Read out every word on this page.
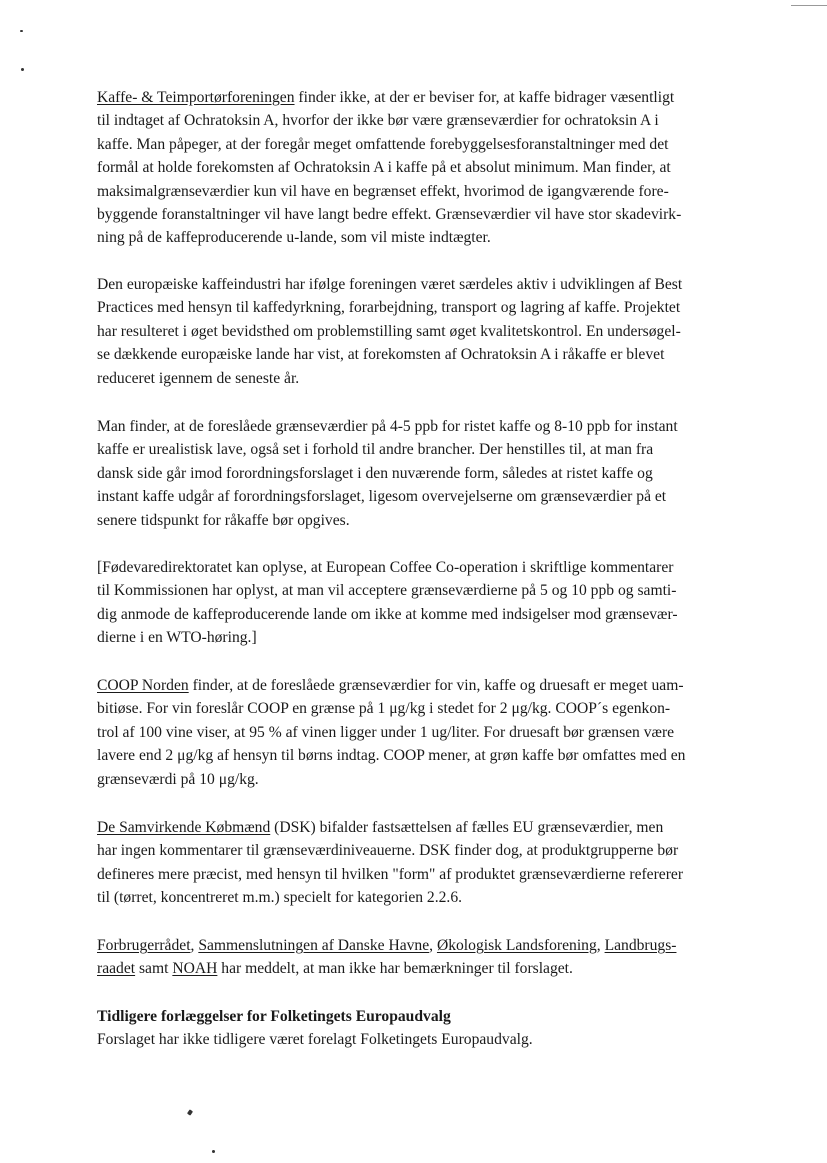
Kaffe- & Teimportørforeningen finder ikke, at der er beviser for, at kaffe bidrager væsentligt
til indtaget af Ochratoksin A, hvorfor der ikke bør være grænseværdier for ochratoksin A i
kaffe. Man påpeger, at der foregår meget omfattende forebyggelsesforanstaltninger med det
formål at holde forekomsten af Ochratoksin A i kaffe på et absolut minimum. Man finder, at
maksimalgrænseværdier kun vil have en begrænset effekt, hvorimod de igangværende fore-
byggende foranstaltninger vil have langt bedre effekt. Grænseværdier vil have stor skadevirk-
ning på de kaffeproducerende u-lande, som vil miste indtægter.
Den europæiske kaffeindustri har ifølge foreningen været særdeles aktiv i udviklingen af Best
Practices med hensyn til kaffedyrkning, forarbejdning, transport og lagring af kaffe. Projektet
har resulteret i øget bevidsthed om problemstilling samt øget kvalitetskontrol. En undersøgel-
se dækkende europæiske lande har vist, at forekomsten af Ochratoksin A i råkaffe er blevet
reduceret igennem de seneste år.
Man finder, at de foreslåede grænseværdier på 4-5 ppb for ristet kaffe og 8-10 ppb for instant
kaffe er urealistisk lave, også set i forhold til andre brancher. Der henstilles til, at man fra
dansk side går imod forordningsforslaget i den nuværende form, således at ristet kaffe og
instant kaffe udgår af forordningsforslaget, ligesom overvejelserne om grænseværdier på et
senere tidspunkt for råkaffe bør opgives.
[Fødevaredirektoratet kan oplyse, at European Coffee Co-operation i skriftlige kommentarer
til Kommissionen har oplyst, at man vil acceptere grænseværdierne på 5 og 10 ppb og samti-
dig anmode de kaffeproducerende lande om ikke at komme med indsigelser mod grænsevær-
dierne i en WTO-høring.]
COOP Norden finder, at de foreslåede grænseværdier for vin, kaffe og druesaft er meget uam-
bitiøse. For vin foreslår COOP en grænse på 1 μg/kg i stedet for 2 μg/kg. COOP´s egenkon-
trol af 100 vine viser, at 95 % af vinen ligger under 1 ug/liter. For druesaft bør grænsen være
lavere end 2 μg/kg af hensyn til børns indtag. COOP mener, at grøn kaffe bør omfattes med en
grænseværdi på 10 μg/kg.
De Samvirkende Købmænd (DSK) bifalder fastsættelsen af fælles EU grænseværdier, men
har ingen kommentarer til grænseværdiniveauerne. DSK finder dog, at produktgrupperne bør
defineres mere præcist, med hensyn til hvilken "form" af produktet grænseværdierne refererer
til (tørret, koncentreret m.m.) specielt for kategorien 2.2.6.
Forbrugerrådet, Sammenslutningen af Danske Havne, Økologisk Landsforening, Landbrugs-
raadet samt NOAH har meddelt, at man ikke har bemærkninger til forslaget.
Tidligere forlæggelser for Folketingets Europaudvalg
Forslaget har ikke tidligere været forelagt Folketingets Europaudvalg.
